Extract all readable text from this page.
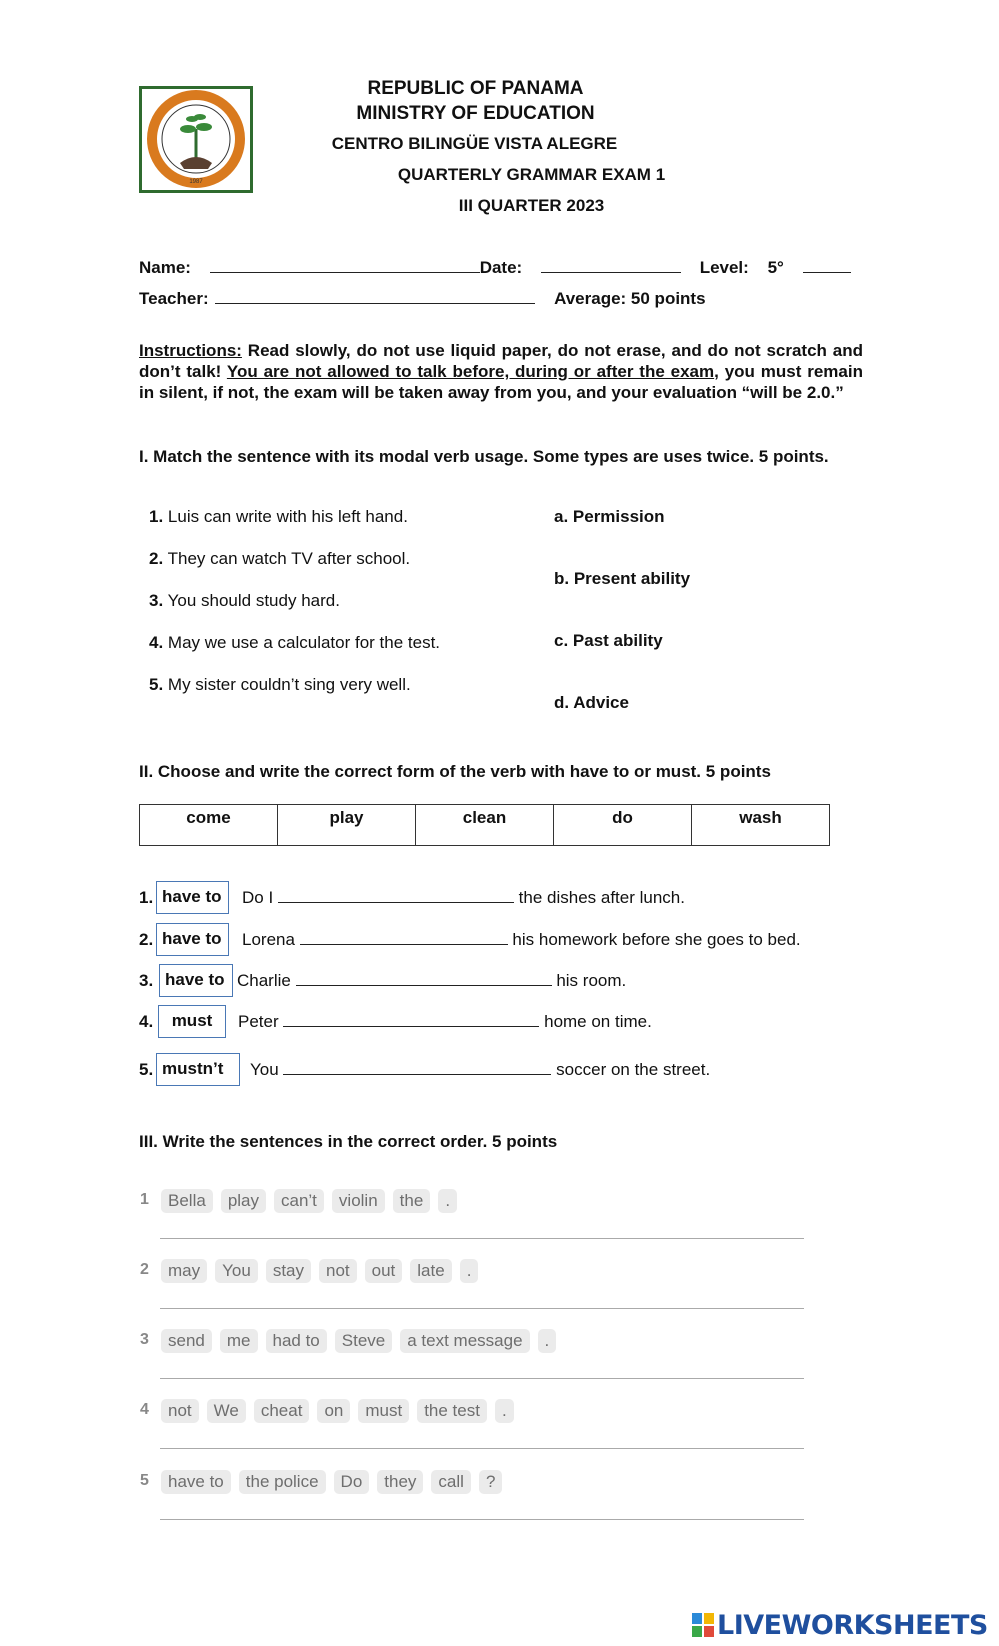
1987
REPUBLIC OF PANAMA
MINISTRY OF EDUCATION
CENTRO BILINGÜE VISTA ALEGRE
QUARTERLY GRAMMAR EXAM 1
III QUARTER 2023
Name:	Date:	Level: 5°
Teacher:	Average: 50 points
Instructions: Read slowly, do not use liquid paper, do not erase, and do not scratch and don’t talk! You are not allowed to talk before, during or after the exam, you must remain in silent, if not, the exam will be taken away from you, and your evaluation “will be 2.0.”
I. Match the sentence with its modal verb usage. Some types are uses twice. 5 points.
1. Luis can write with his left hand.
2. They can watch TV after school.
3. You should study hard.
4. May we use a calculator for the test.
5. My sister couldn’t sing very well.
a. Permission
b. Present ability
c. Past ability
d. Advice
II. Choose and write the correct form of the verb with have to or must. 5 points
come	play	clean	do	wash
1. have to	Do I	the dishes after lunch.
2. have to	Lorena	his homework before she goes to bed.
3. have to Charlie	his room.
4.	must	Peter	home on time.
5. mustn’t	You	soccer on the street.
III. Write the sentences in the correct order. 5 points
1	Bella play can’t violin the .
2	may You stay not out late .
3	send me had to Steve a text message .
4	not We cheat on must the test .
5	have to the police Do they call ?
LIVEWORKSHEETS
